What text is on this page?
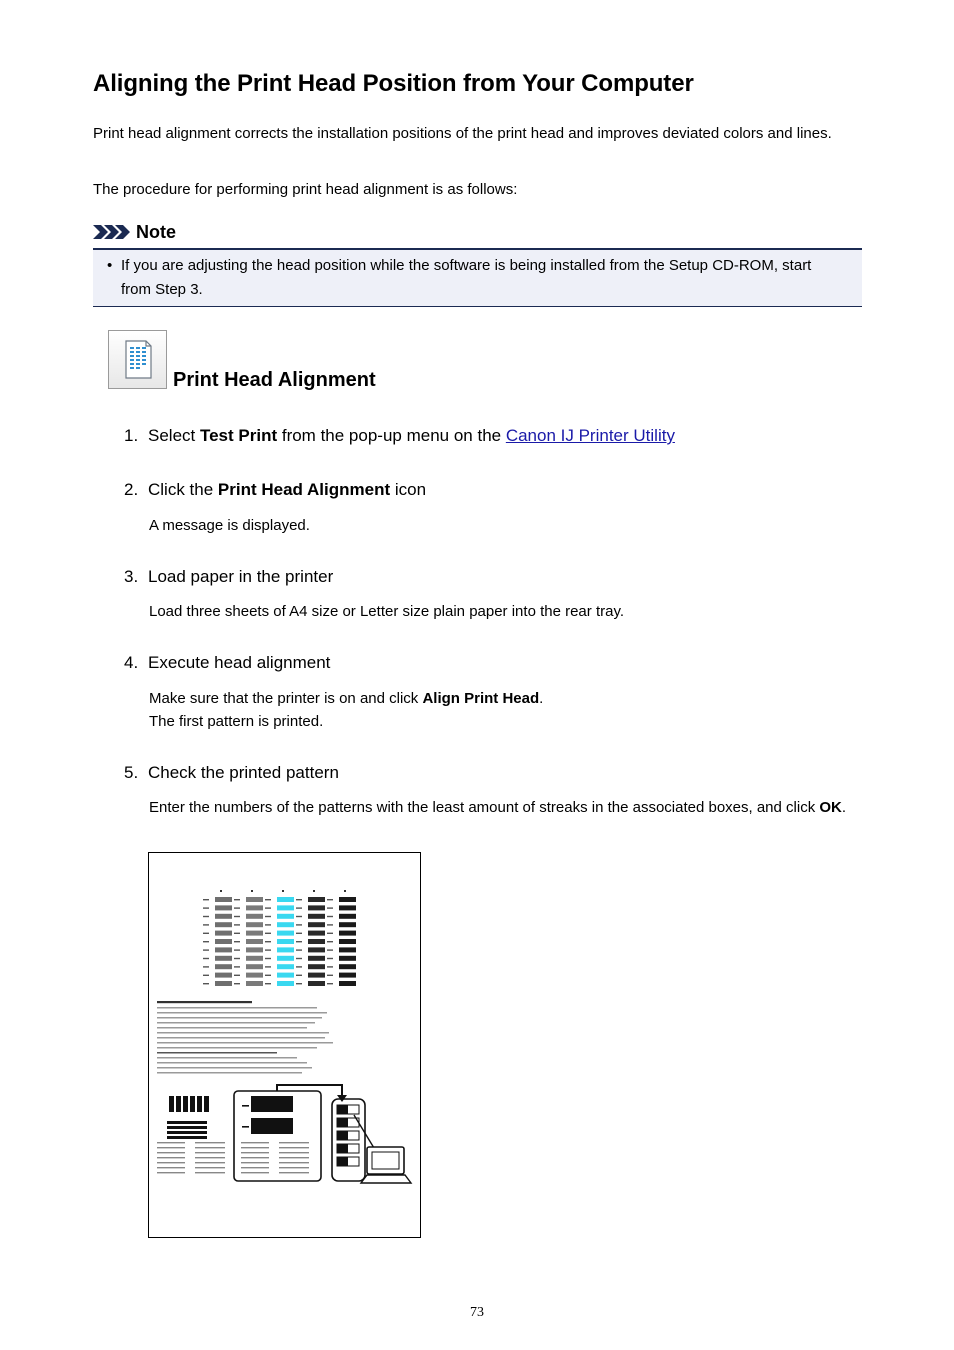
Aligning the Print Head Position from Your Computer
Print head alignment corrects the installation positions of the print head and improves deviated colors and lines.
The procedure for performing print head alignment is as follows:
Note
• If you are adjusting the head position while the software is being installed from the Setup CD-ROM, start from Step 3.
Print Head Alignment
1. Select Test Print from the pop-up menu on the Canon IJ Printer Utility
2. Click the Print Head Alignment icon
A message is displayed.
3. Load paper in the printer
Load three sheets of A4 size or Letter size plain paper into the rear tray.
4. Execute head alignment
Make sure that the printer is on and click Align Print Head.
The first pattern is printed.
5. Check the printed pattern
Enter the numbers of the patterns with the least amount of streaks in the associated boxes, and click OK.
73
